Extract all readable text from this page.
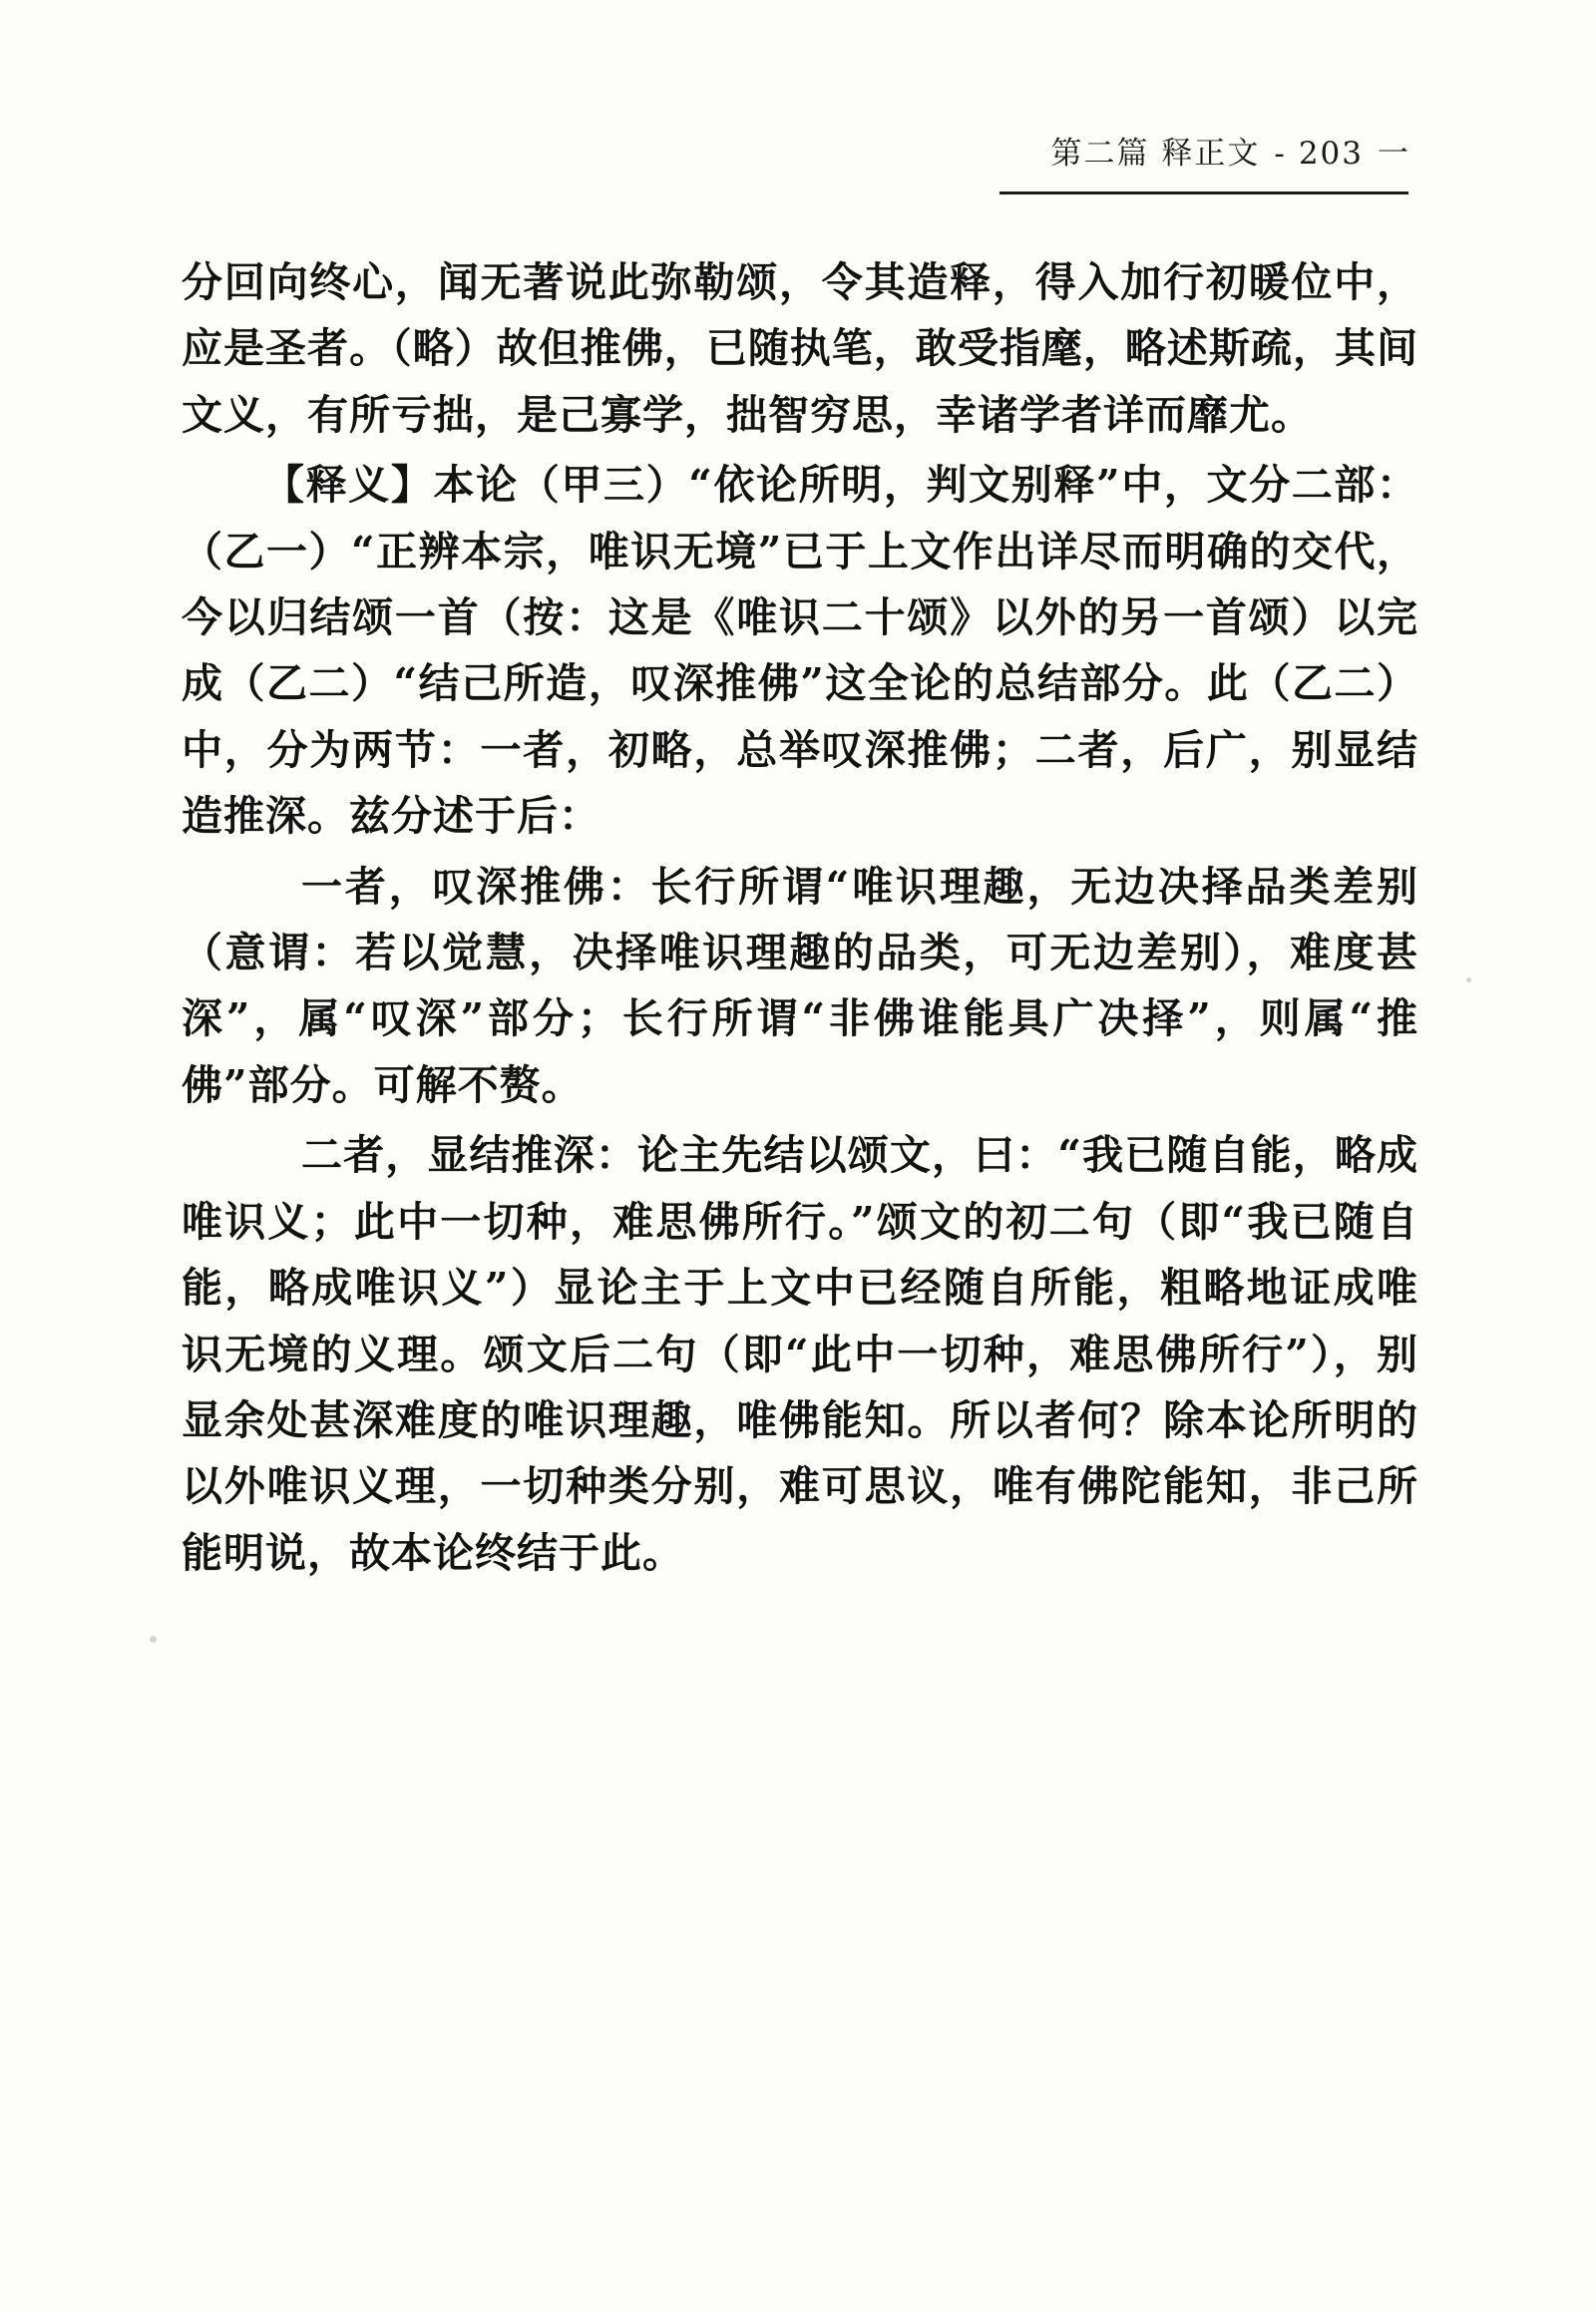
第二篇 释正文 - 203 一

分回向终心，闻无著说此弥勒颂，令其造释，得入加行初暖位中，应是圣者。（略）故但推佛，已随执笔，敢受指麾，略述斯疏，其间文义，有所亏拙，是己寡学，拙智穷思，幸诸学者详而靡尤。

【释义】本论（甲三）“依论所明，判文别释”中，文分二部：（乙一）“正辨本宗，唯识无境”已于上文作出详尽而明确的交代，今以归结颂一首（按：这是《唯识二十颂》以外的另一首颂）以完成（乙二）“结己所造，叹深推佛”这全论的总结部分。此（乙二）中，分为两节：一者，初略，总举叹深推佛；二者，后广，别显结造推深。兹分述于后：

一者，叹深推佛：长行所谓“唯识理趣，无边决择品类差别（意谓：若以觉慧，决择唯识理趣的品类，可无边差别），难度甚深”，属“叹深”部分；长行所谓“非佛谁能具广决择”，则属“推佛”部分。可解不赘。

二者，显结推深：论主先结以颂文，曰：“我已随自能，略成唯识义；此中一切种，难思佛所行。”颂文的初二句（即“我已随自能，略成唯识义”）显论主于上文中已经随自所能，粗略地证成唯识无境的义理。颂文后二句（即“此中一切种，难思佛所行”），别显余处甚深难度的唯识理趣，唯佛能知。所以者何？除本论所明的以外唯识义理，一切种类分别，难可思议，唯有佛陀能知，非己所能明说，故本论终结于此。
